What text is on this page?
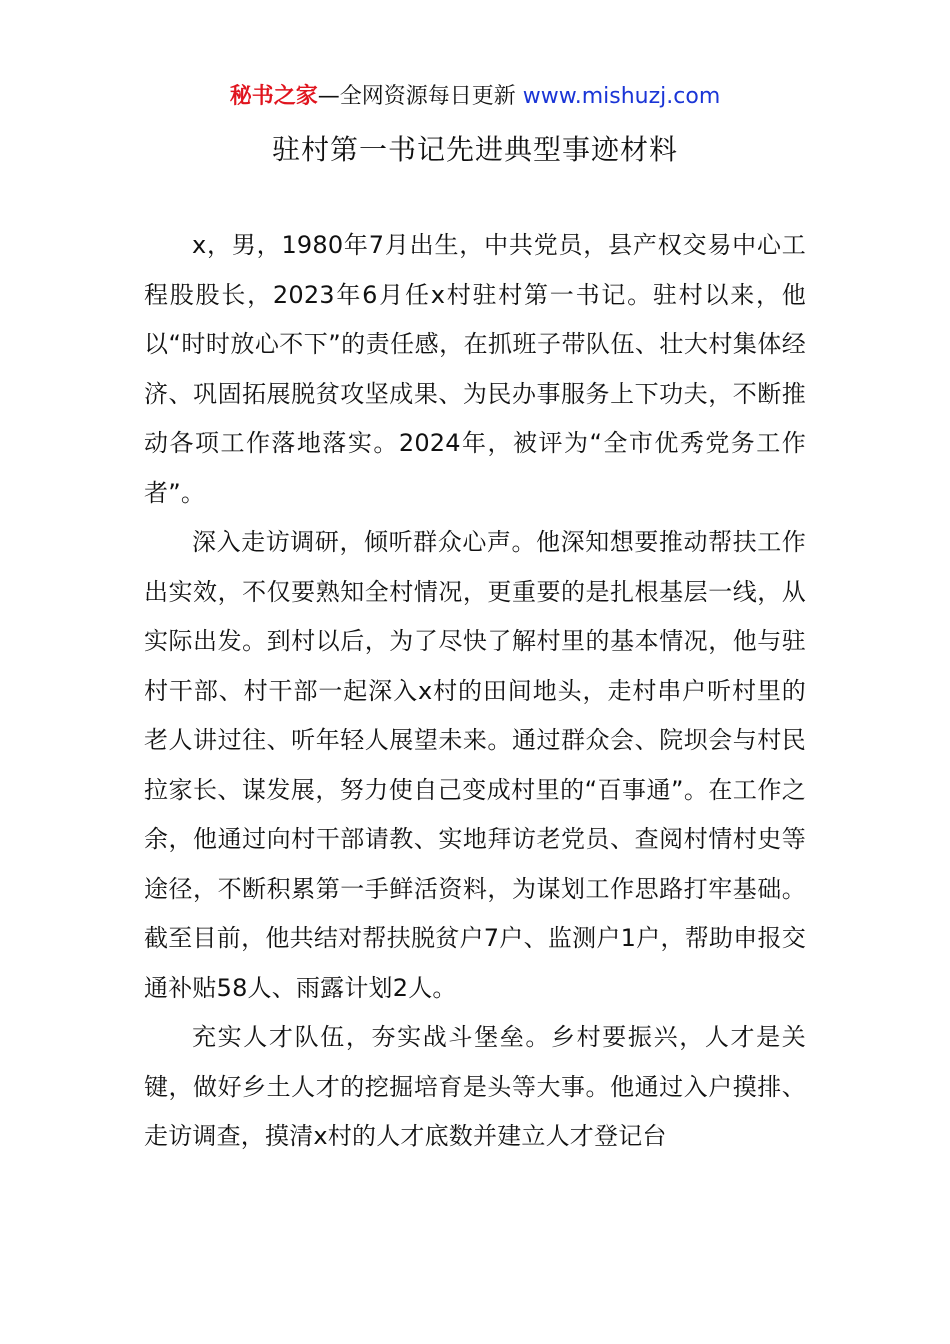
秘书之家—全网资源每日更新 www.mishuzj.com
驻村第一书记先进典型事迹材料

x，男，1980年7月出生，中共党员，县产权交易中心工程股股长，2023年6月任x村驻村第一书记。驻村以来，他以“时时放心不下”的责任感，在抓班子带队伍、壮大村集体经济、巩固拓展脱贫攻坚成果、为民办事服务上下功夫，不断推动各项工作落地落实。2024年，被评为“全市优秀党务工作者”。

深入走访调研，倾听群众心声。他深知想要推动帮扶工作出实效，不仅要熟知全村情况，更重要的是扎根基层一线，从实际出发。到村以后，为了尽快了解村里的基本情况，他与驻村干部、村干部一起深入x村的田间地头，走村串户听村里的老人讲过往、听年轻人展望未来。通过群众会、院坝会与村民拉家长、谋发展，努力使自己变成村里的“百事通”。在工作之余，他通过向村干部请教、实地拜访老党员、查阅村情村史等途径，不断积累第一手鲜活资料，为谋划工作思路打牢基础。截至目前，他共结对帮扶脱贫户7户、监测户1户，帮助申报交通补贴58人、雨露计划2人。

充实人才队伍，夯实战斗堡垒。乡村要振兴，人才是关键，做好乡土人才的挖掘培育是头等大事。他通过入户摸排、走访调查，摸清x村的人才底数并建立人才登记台
